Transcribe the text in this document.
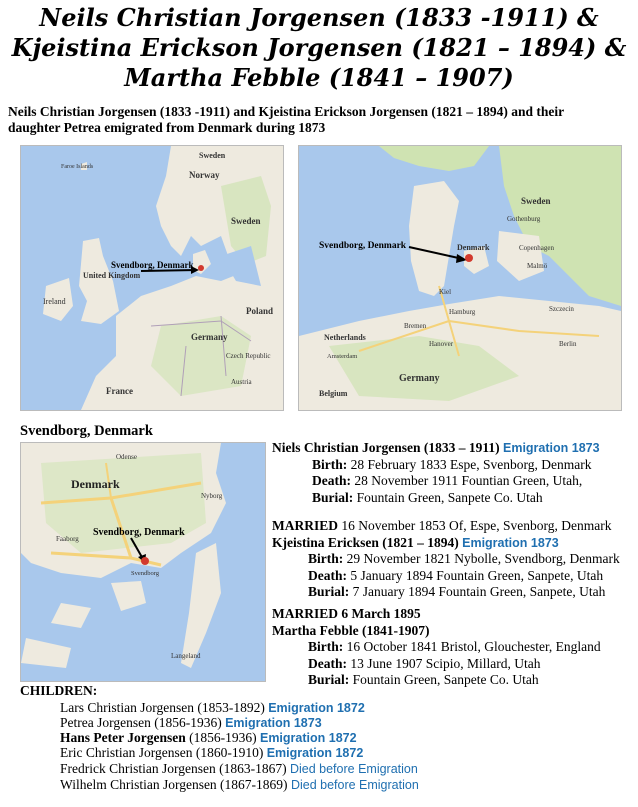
Neils Christian Jorgensen (1833 -1911) &
Kjeistina Erickson Jorgensen (1821 – 1894) &
Martha Febble (1841 – 1907)
Neils Christian Jorgensen (1833 -1911) and Kjeistina Erickson Jorgensen (1821 – 1894) and their daughter Petrea emigrated from Denmark during 1873
Sweden
Faroe Islands
Norway
Sweden
Svendborg, Denmark
United Kingdom
Ireland
Germany
Poland
Czech Republic
Austria
France
Sweden
Gothenburg
Svendborg, Denmark	Denmark	Copenhagen
Malmö
Kiel
Hamburg	Szczecin
Bremen
Berlin
Hanover
Netherlands
Amsterdam
Germany
Belgium
Svendborg, Denmark
Denmark
Odense
Nyborg
Faaborg
Svendborg, Denmark
Svendborg
Langeland
Niels Christian Jorgensen (1833 – 1911) Emigration 1873
Birth: 28 February 1833 Espe, Svenborg, Denmark
Death: 28 November 1911 Fountian Green, Utah,
Burial: Fountain Green, Sanpete Co. Utah
MARRIED 16 November 1853 Of, Espe, Svenborg, Denmark
Kjeistina Ericksen (1821 – 1894) Emigration 1873
Birth: 29 November 1821 Nybolle, Svendborg, Denmark
Death: 5 January 1894 Fountain Green, Sanpete, Utah
Burial: 7 January 1894 Fountain Green, Sanpete, Utah
MARRIED 6 March 1895
Martha Febble (1841-1907)
Birth: 16 October 1841 Bristol, Glouchester, England
Death: 13 June 1907 Scipio, Millard, Utah
Burial: Fountain Green, Sanpete Co. Utah
CHILDREN:
Lars Christian Jorgensen (1853-1892) Emigration 1872
Petrea Jorgensen (1856-1936) Emigration 1873
Hans Peter Jorgensen (1856-1936) Emigration 1872
Eric Christian Jorgensen (1860-1910) Emigration 1872
Fredrick Christian Jorgensen (1863-1867) Died before Emigration
Wilhelm Christian Jorgensen (1867-1869) Died before Emigration
